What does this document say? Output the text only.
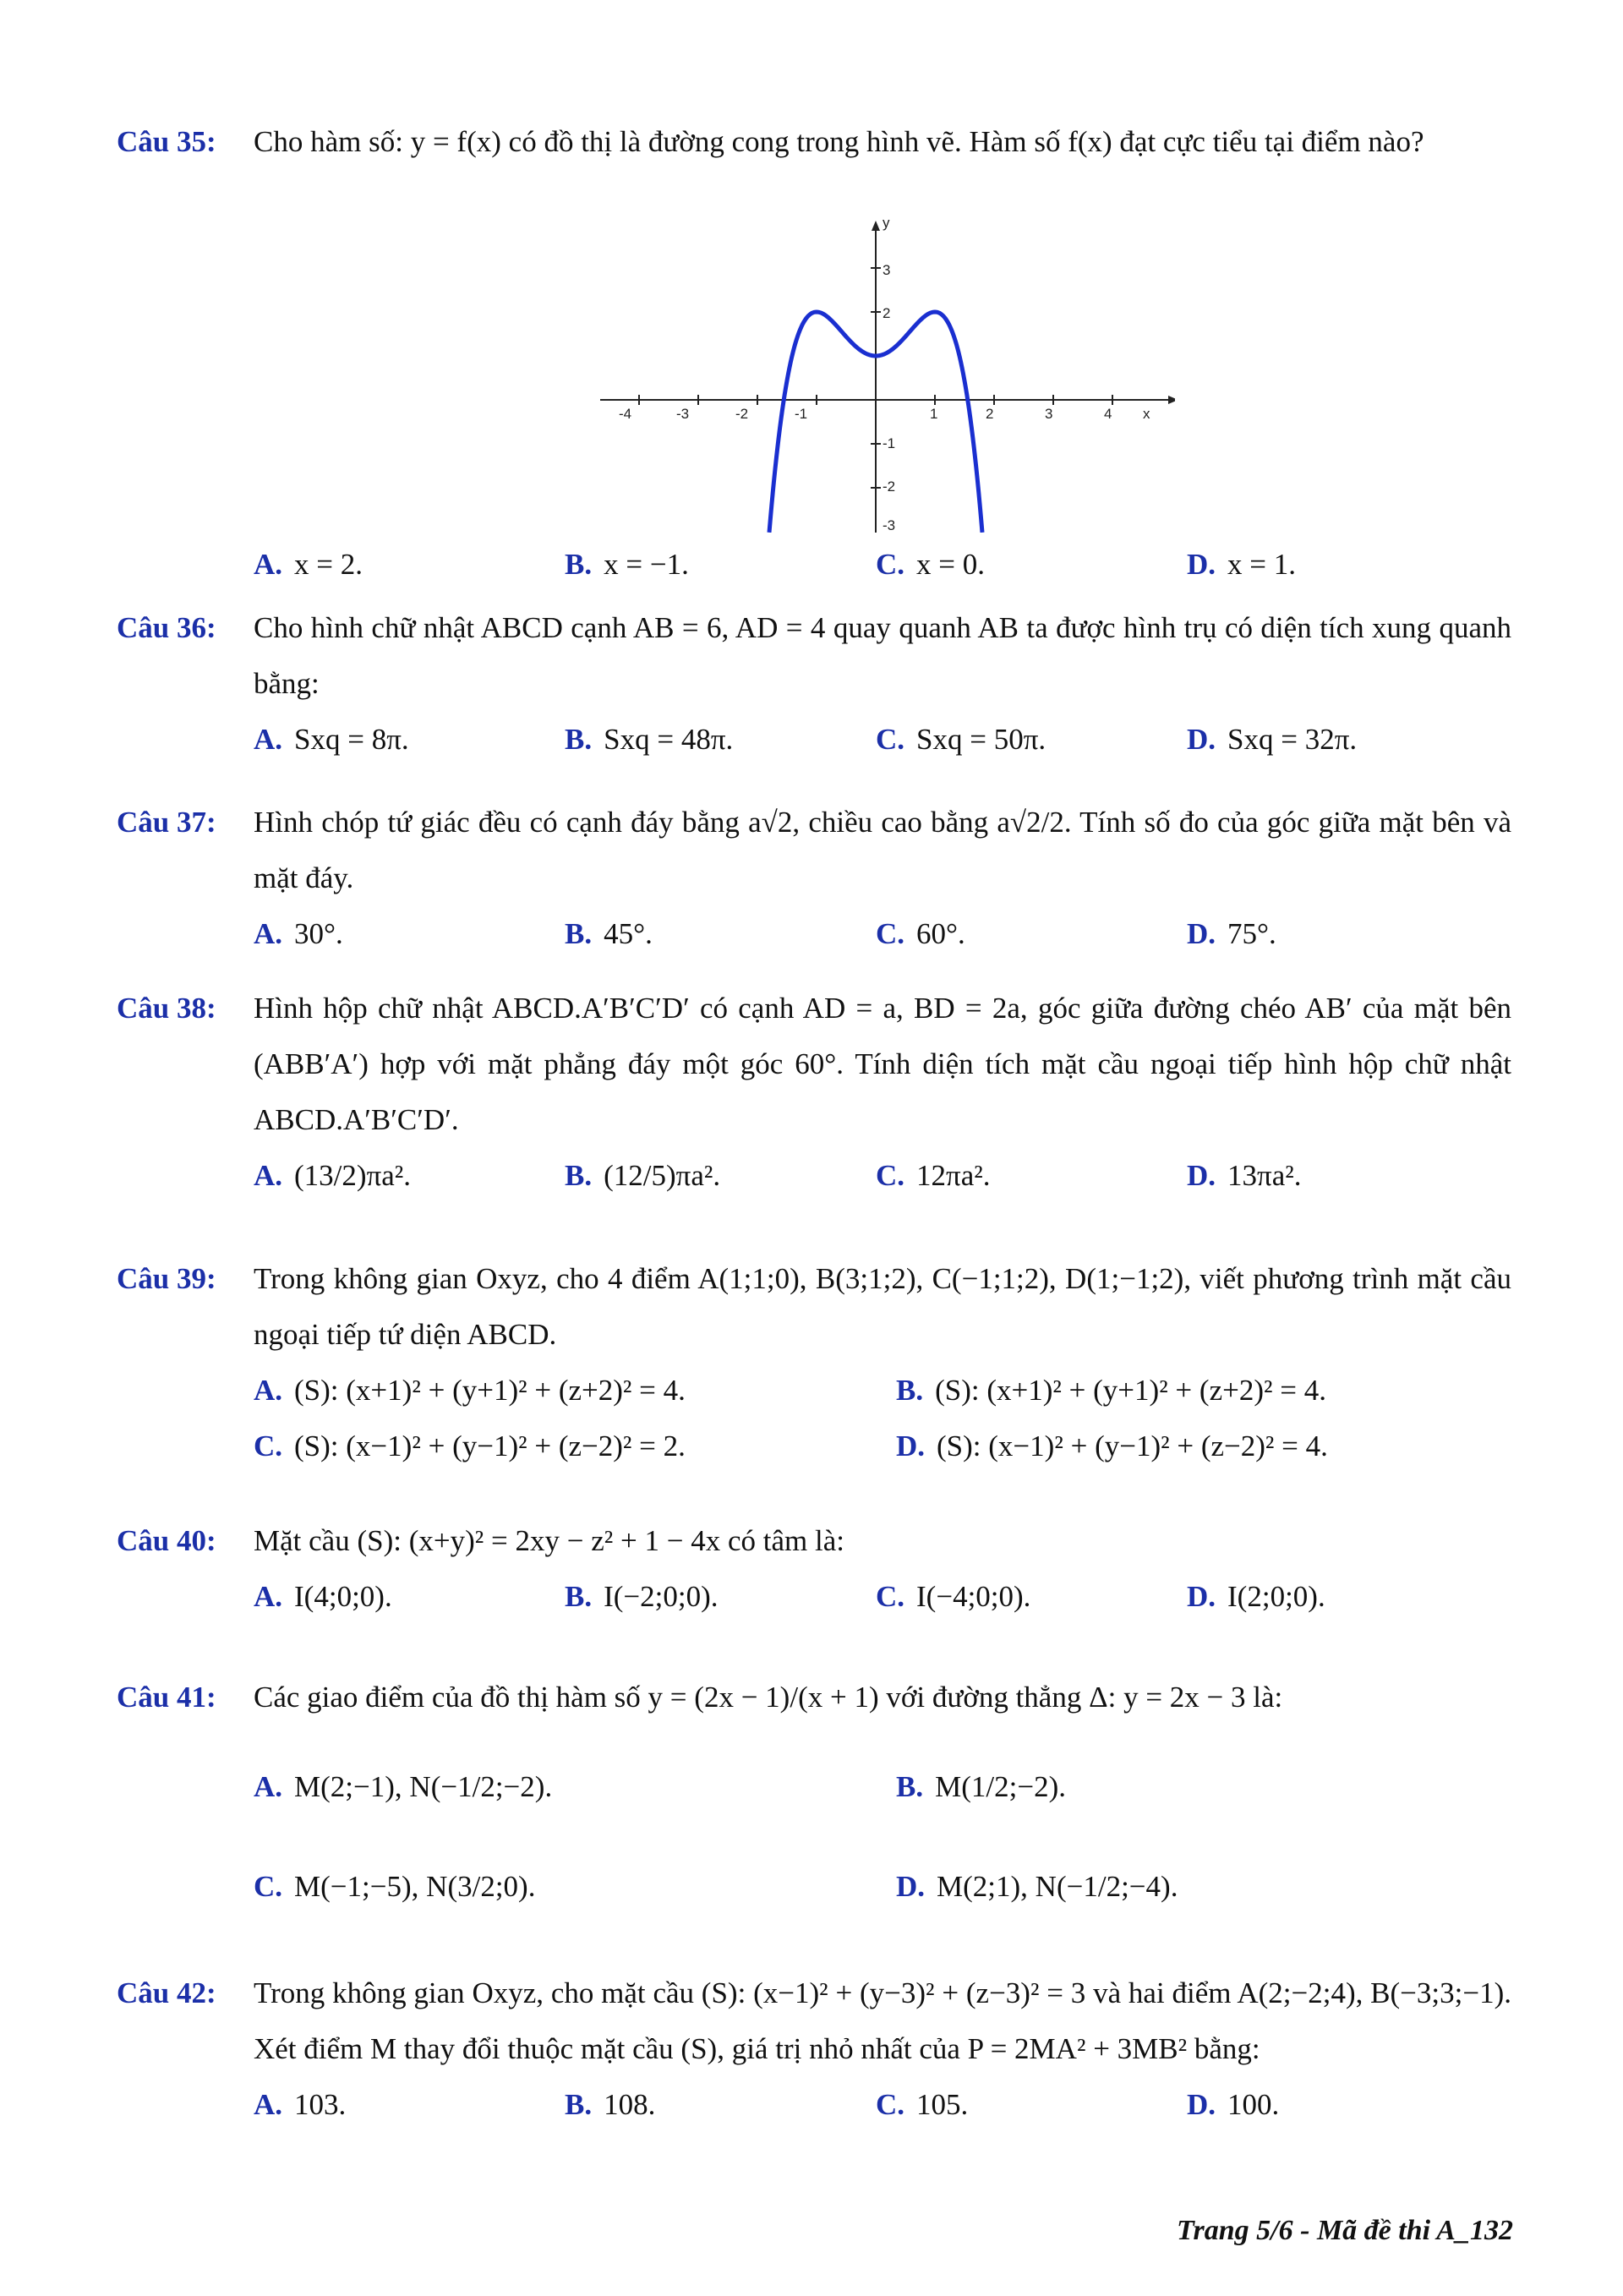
Câu 35: Cho hàm số: y = f(x) có đồ thị là đường cong trong hình vẽ. Hàm số f(x) đạt cực tiểu tại điểm nào?
-4	-3	-2	-1	1	2	3	4 x
y
3
2
-1
-2
-3
A. x = 2.	B. x = −1.	C. x = 0.	D. x = 1.
Câu 36: Cho hình chữ nhật ABCD cạnh AB = 6, AD = 4 quay quanh AB ta được hình trụ có diện tích xung quanh bằng:
A. Sxq = 8π.	B. Sxq = 48π.	C. Sxq = 50π.	D. Sxq = 32π.
Câu 37: Hình chóp tứ giác đều có cạnh đáy bằng a√2, chiều cao bằng a√2/2. Tính số đo của góc giữa mặt bên và mặt đáy.
A. 30°.	B. 45°.	C. 60°.	D. 75°.
Câu 38: Hình hộp chữ nhật ABCD.A′B′C′D′ có cạnh AD = a, BD = 2a, góc giữa đường chéo AB′ của mặt bên (ABB′A′) hợp với mặt phẳng đáy một góc 60°. Tính diện tích mặt cầu ngoại tiếp hình hộp chữ nhật ABCD.A′B′C′D′.
A. (13/2)πa².	B. (12/5)πa².	C. 12πa².	D. 13πa².
Câu 39: Trong không gian Oxyz, cho 4 điểm A(1;1;0), B(3;1;2), C(−1;1;2), D(1;−1;2), viết phương trình mặt cầu ngoại tiếp tứ diện ABCD.
A. (S): (x+1)² + (y+1)² + (z+2)² = 4.	B. (S): (x+1)² + (y+1)² + (z+2)² = 4.
C. (S): (x−1)² + (y−1)² + (z−2)² = 2.	D. (S): (x−1)² + (y−1)² + (z−2)² = 4.
Câu 40: Mặt cầu (S): (x+y)² = 2xy − z² + 1 − 4x có tâm là:
A. I(4;0;0).	B. I(−2;0;0).	C. I(−4;0;0).	D. I(2;0;0).
Câu 41: Các giao điểm của đồ thị hàm số y = (2x − 1)/(x + 1) với đường thẳng Δ: y = 2x − 3 là:
A. M(2;−1), N(−1/2;−2).	B. M(1/2;−2).
C. M(−1;−5), N(3/2;0).	D. M(2;1), N(−1/2;−4).
Câu 42: Trong không gian Oxyz, cho mặt cầu (S): (x−1)² + (y−3)² + (z−3)² = 3 và hai điểm A(2;−2;4), B(−3;3;−1). Xét điểm M thay đổi thuộc mặt cầu (S), giá trị nhỏ nhất của P = 2MA² + 3MB² bằng:
A. 103.	B. 108.	C. 105.	D. 100.
Trang 5/6 - Mã đề thi A_132
